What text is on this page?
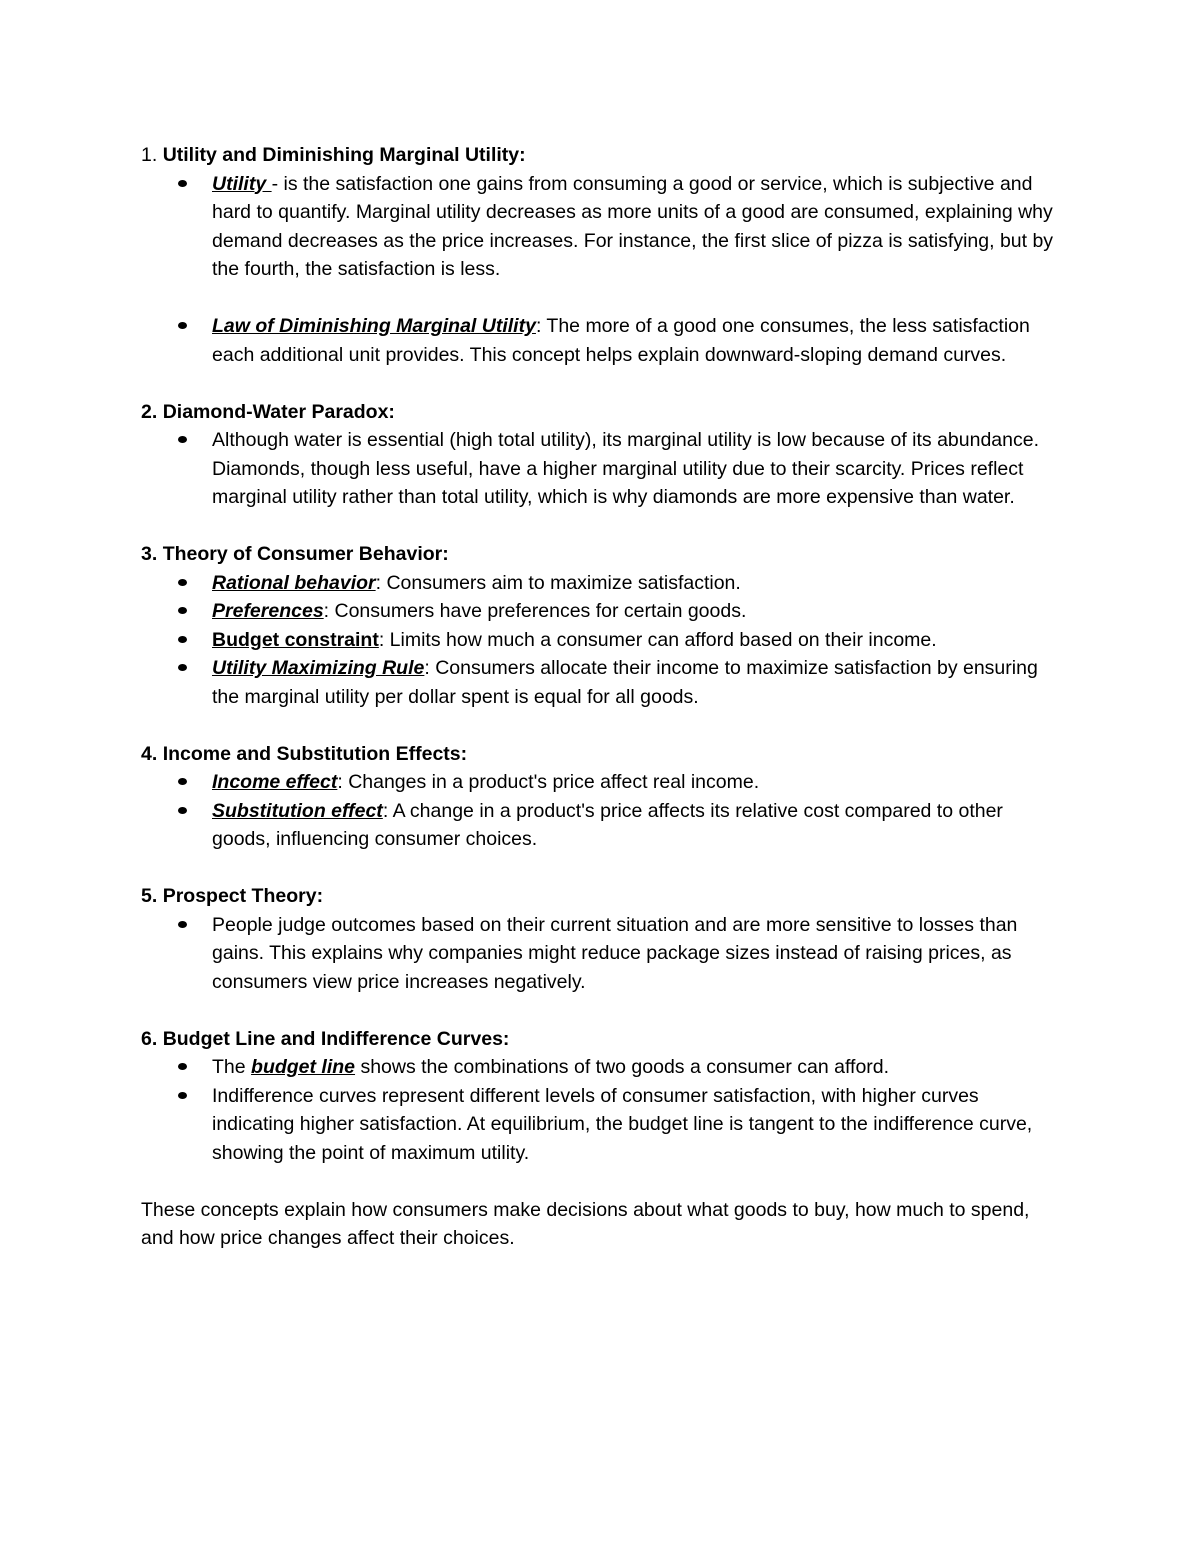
1. Utility and Diminishing Marginal Utility:

Utility - is the satisfaction one gains from consuming a good or service, which is subjective and hard to quantify. Marginal utility decreases as more units of a good are consumed, explaining why demand decreases as the price increases. For instance, the first slice of pizza is satisfying, but by the fourth, the satisfaction is less.
Law of Diminishing Marginal Utility: The more of a good one consumes, the less satisfaction each additional unit provides. This concept helps explain downward-sloping demand curves.

2. Diamond-Water Paradox:

Although water is essential (high total utility), its marginal utility is low because of its abundance. Diamonds, though less useful, have a higher marginal utility due to their scarcity. Prices reflect marginal utility rather than total utility, which is why diamonds are more expensive than water.

3. Theory of Consumer Behavior:

Rational behavior: Consumers aim to maximize satisfaction.
Preferences: Consumers have preferences for certain goods.
Budget constraint: Limits how much a consumer can afford based on their income.
Utility Maximizing Rule: Consumers allocate their income to maximize satisfaction by ensuring the marginal utility per dollar spent is equal for all goods.

4. Income and Substitution Effects:

Income effect: Changes in a product's price affect real income.
Substitution effect: A change in a product's price affects its relative cost compared to other goods, influencing consumer choices.

5. Prospect Theory:

People judge outcomes based on their current situation and are more sensitive to losses than gains. This explains why companies might reduce package sizes instead of raising prices, as consumers view price increases negatively.

6. Budget Line and Indifference Curves:

The budget line shows the combinations of two goods a consumer can afford.
Indifference curves represent different levels of consumer satisfaction, with higher curves indicating higher satisfaction. At equilibrium, the budget line is tangent to the indifference curve, showing the point of maximum utility.

These concepts explain how consumers make decisions about what goods to buy, how much to spend, and how price changes affect their choices.
